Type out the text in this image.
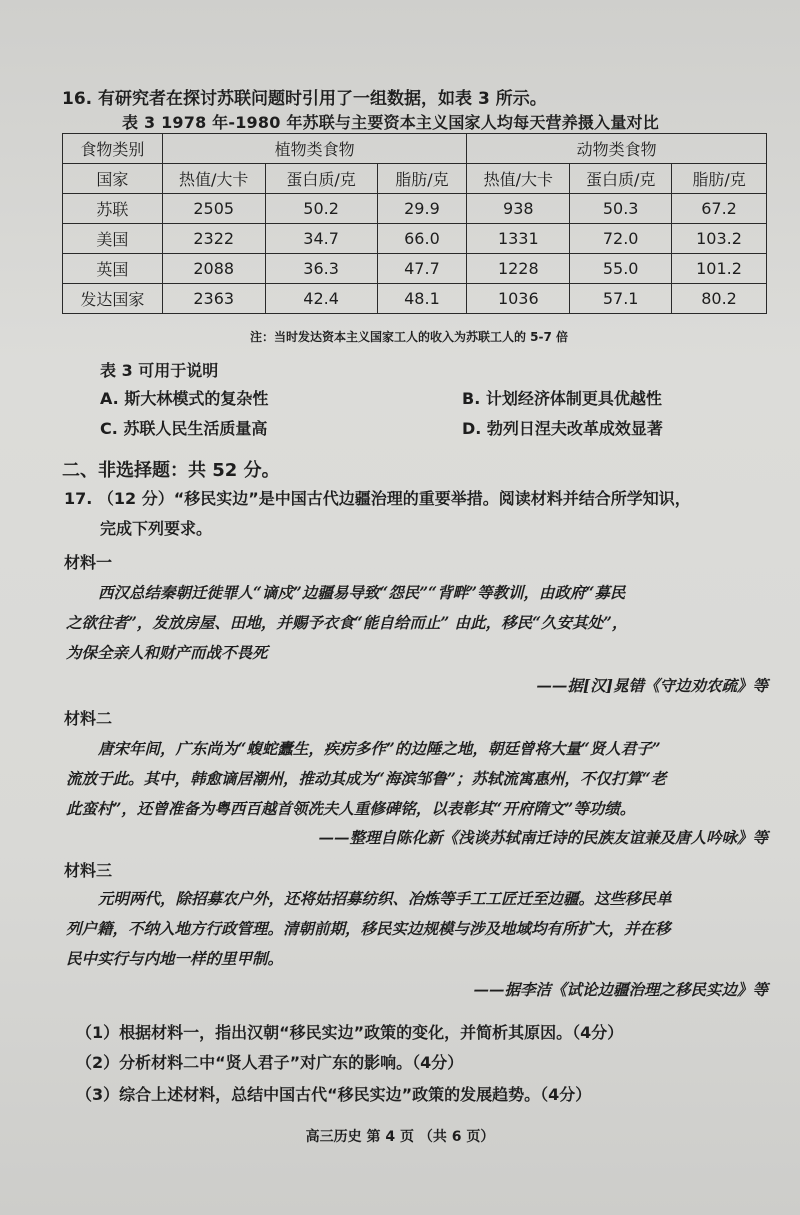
16. 有研究者在探讨苏联问题时引用了一组数据，如表 3 所示。
表 3 1978 年-1980 年苏联与主要资本主义国家人均每天营养摄入量对比
食物类别	植物类食物			动物类食物		
国家	热值/大卡	蛋白质/克	脂肪/克	热值/大卡	蛋白质/克	脂肪/克
苏联	2505	50.2	29.9	938	50.3	67.2
美国	2322	34.7	66.0	1331	72.0	103.2
英国	2088	36.3	47.7	1228	55.0	101.2
发达国家	2363	42.4	48.1	1036	57.1	80.2
注：当时发达资本主义国家工人的收入为苏联工人的 5-7 倍
表 3 可用于说明
A. 斯大林模式的复杂性	B. 计划经济体制更具优越性
C. 苏联人民生活质量高	D. 勃列日涅夫改革成效显著
二、非选择题：共 52 分。
17. （12 分）“移民实边”是中国古代边疆治理的重要举措。阅读材料并结合所学知识，
完成下列要求。
材料一

西汉总结秦朝迁徙罪人“谪戍”边疆易导致“怨民”“背畔”等教训，由政府“募民

之欲往者”，发放房屋、田地，并赐予衣食“能自给而止” 由此，移民“久安其处”，

为保全亲人和财产而战不畏死

——据[汉]晁错《守边劝农疏》等
材料二

唐宋年间，广东尚为“蝮蛇蠹生，疾疠多作”的边陲之地，朝廷曾将大量“贤人君子”

流放于此。其中，韩愈谪居潮州，推动其成为“海滨邹鲁”；苏轼流寓惠州，不仅打算“老

此蛮村”，还曾准备为粤西百越首领冼夫人重修碑铭，以表彰其“开府隋文”等功绩。

——整理自陈化新《浅谈苏轼南迁诗的民族友谊兼及唐人吟咏》等
材料三

元明两代，除招募农户外，还将姑招募纺织、冶炼等手工工匠迁至边疆。这些移民单

列户籍，不纳入地方行政管理。清朝前期，移民实边规模与涉及地域均有所扩大，并在移

民中实行与内地一样的里甲制。

——据李洁《试论边疆治理之移民实边》等
（1）根据材料一，指出汉朝“移民实边”政策的变化，并简析其原因。（4分）
（2）分析材料二中“贤人君子”对广东的影响。（4分）
（3）综合上述材料，总结中国古代“移民实边”政策的发展趋势。（4分）
高三历史 第 4 页 （共 6 页）
